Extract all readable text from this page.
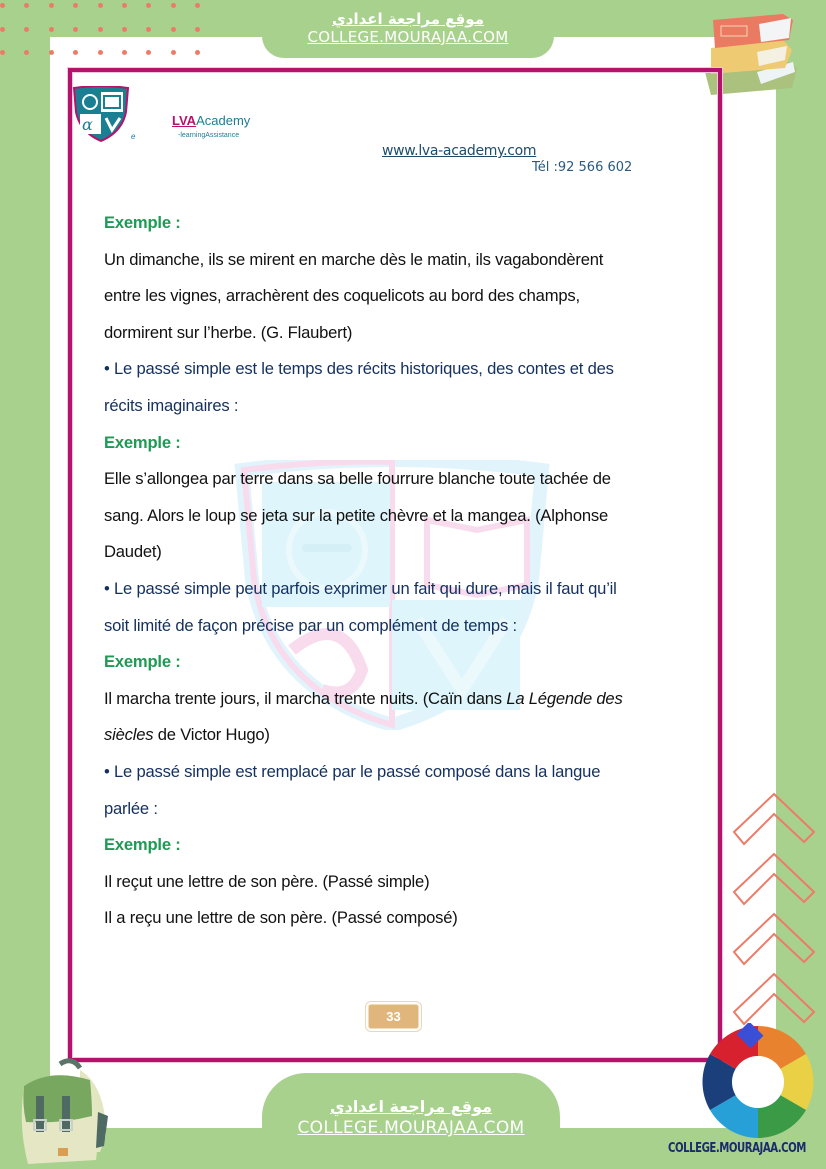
موقع مراجعة اعدادي
COLLEGE.MOURAJAA.COM
α
e
LVAAcademy
-learningAssistance
www.lva-academy.com
Tél :92 566 602
Exemple :
Un dimanche, ils se mirent en marche dès le matin, ils vagabondèrent
entre les vignes, arrachèrent des coquelicots au bord des champs,
dormirent sur l’herbe. (G. Flaubert)
• Le passé simple est le temps des récits historiques, des contes et des
récits imaginaires :
Exemple :
Elle s’allongea par terre dans sa belle fourrure blanche toute tachée de
sang. Alors le loup se jeta sur la petite chèvre et la mangea. (Alphonse
Daudet)
• Le passé simple peut parfois exprimer un fait qui dure, mais il faut qu’il
soit limité de façon précise par un complément de temps :
Exemple :
Il marcha trente jours, il marcha trente nuits. (Caïn dans La Légende des
siècles de Victor Hugo)
• Le passé simple est remplacé par le passé composé dans la langue
parlée :
Exemple :
Il reçut une lettre de son père. (Passé simple)
Il a reçu une lettre de son père. (Passé composé)
33
موقع مراجعة اعدادي
COLLEGE.MOURAJAA.COM
COLLEGE.MOURAJAA.COM
